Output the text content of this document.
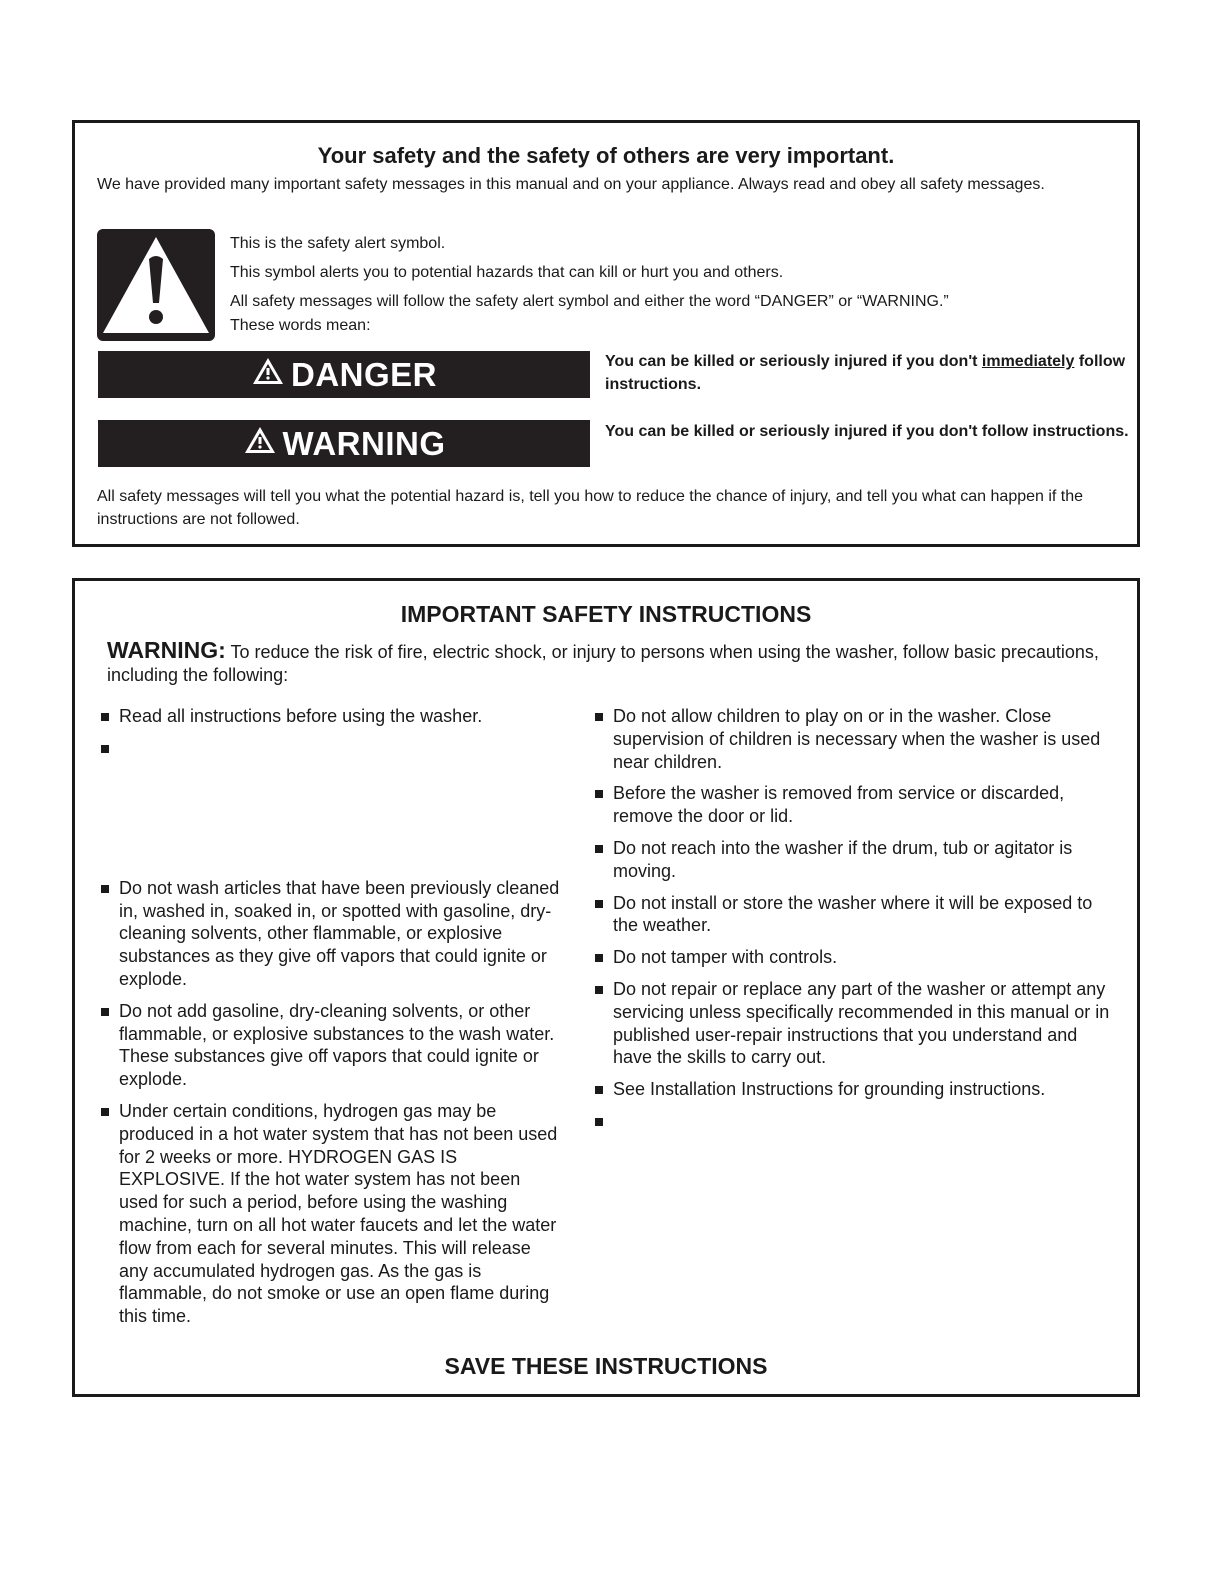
Your safety and the safety of others are very important.
We have provided many important safety messages in this manual and on your appliance. Always read and obey all safety messages.
This is the safety alert symbol.
This symbol alerts you to potential hazards that can kill or hurt you and others.
All safety messages will follow the safety alert symbol and either the word “DANGER” or “WARNING.”
These words mean:
DANGER	You can be killed or seriously injured if you don't immediately follow instructions.
WARNING	You can be killed or seriously injured if you don't follow instructions.
All safety messages will tell you what the potential hazard is, tell you how to reduce the chance of injury, and tell you what can happen if the instructions are not followed.
IMPORTANT SAFETY INSTRUCTIONS
WARNING: To reduce the risk of fire, electric shock, or injury to persons when using the washer, follow basic precautions, including the following:
Read all instructions before using the washer.
Do not wash articles that have been previously cleaned in, washed in, soaked in, or spotted with gasoline, dry-cleaning solvents, other flammable, or explosive substances as they give off vapors that could ignite or explode.
Do not add gasoline, dry-cleaning solvents, or other flammable, or explosive substances to the wash water. These substances give off vapors that could ignite or explode.
Under certain conditions, hydrogen gas may be produced in a hot water system that has not been used for 2 weeks or more. HYDROGEN GAS IS EXPLOSIVE. If the hot water system has not been used for such a period, before using the washing machine, turn on all hot water faucets and let the water flow from each for several minutes. This will release any accumulated hydrogen gas. As the gas is flammable, do not smoke or use an open flame during this time.
Do not allow children to play on or in the washer. Close supervision of children is necessary when the washer is used near children.
Before the washer is removed from service or discarded, remove the door or lid.
Do not reach into the washer if the drum, tub or agitator is moving.
Do not install or store the washer where it will be exposed to the weather.
Do not tamper with controls.
Do not repair or replace any part of the washer or attempt any servicing unless specifically recommended in this manual or in published user-repair instructions that you understand and have the skills to carry out.
See Installation Instructions for grounding instructions.
SAVE THESE INSTRUCTIONS
